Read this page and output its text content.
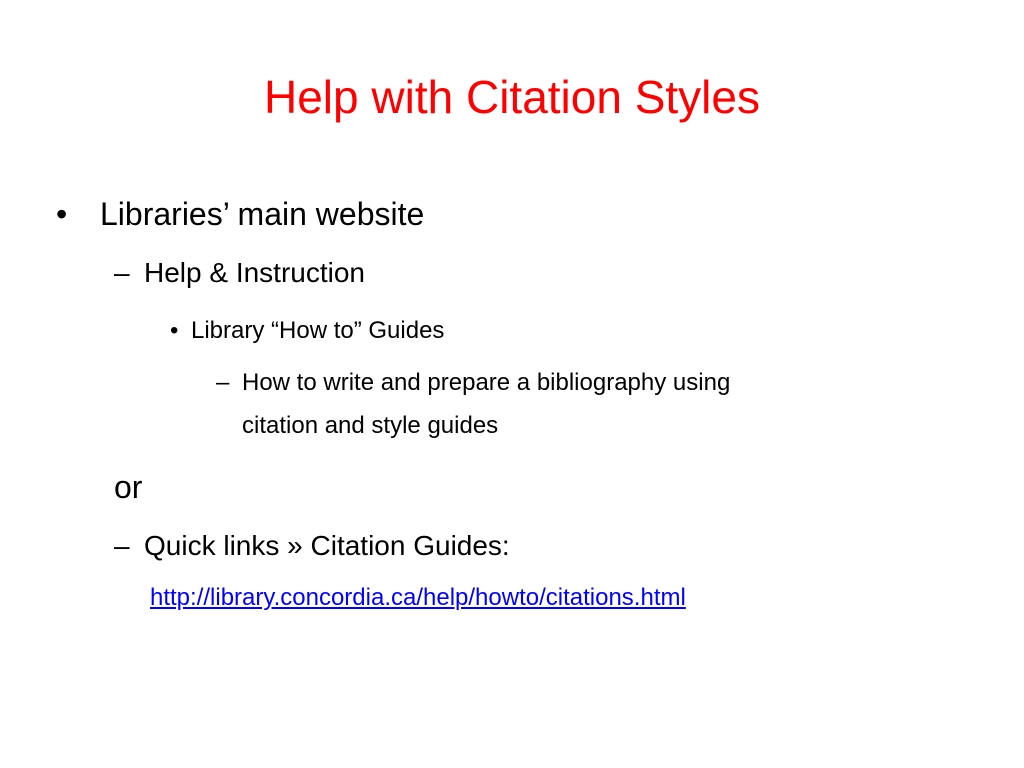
Help with Citation Styles
• Libraries’ main website
– Help & Instruction
• Library “How to” Guides
– How to write and prepare a bibliography using
citation and style guides
or
– Quick links » Citation Guides:
http://library.concordia.ca/help/howto/citations.html
